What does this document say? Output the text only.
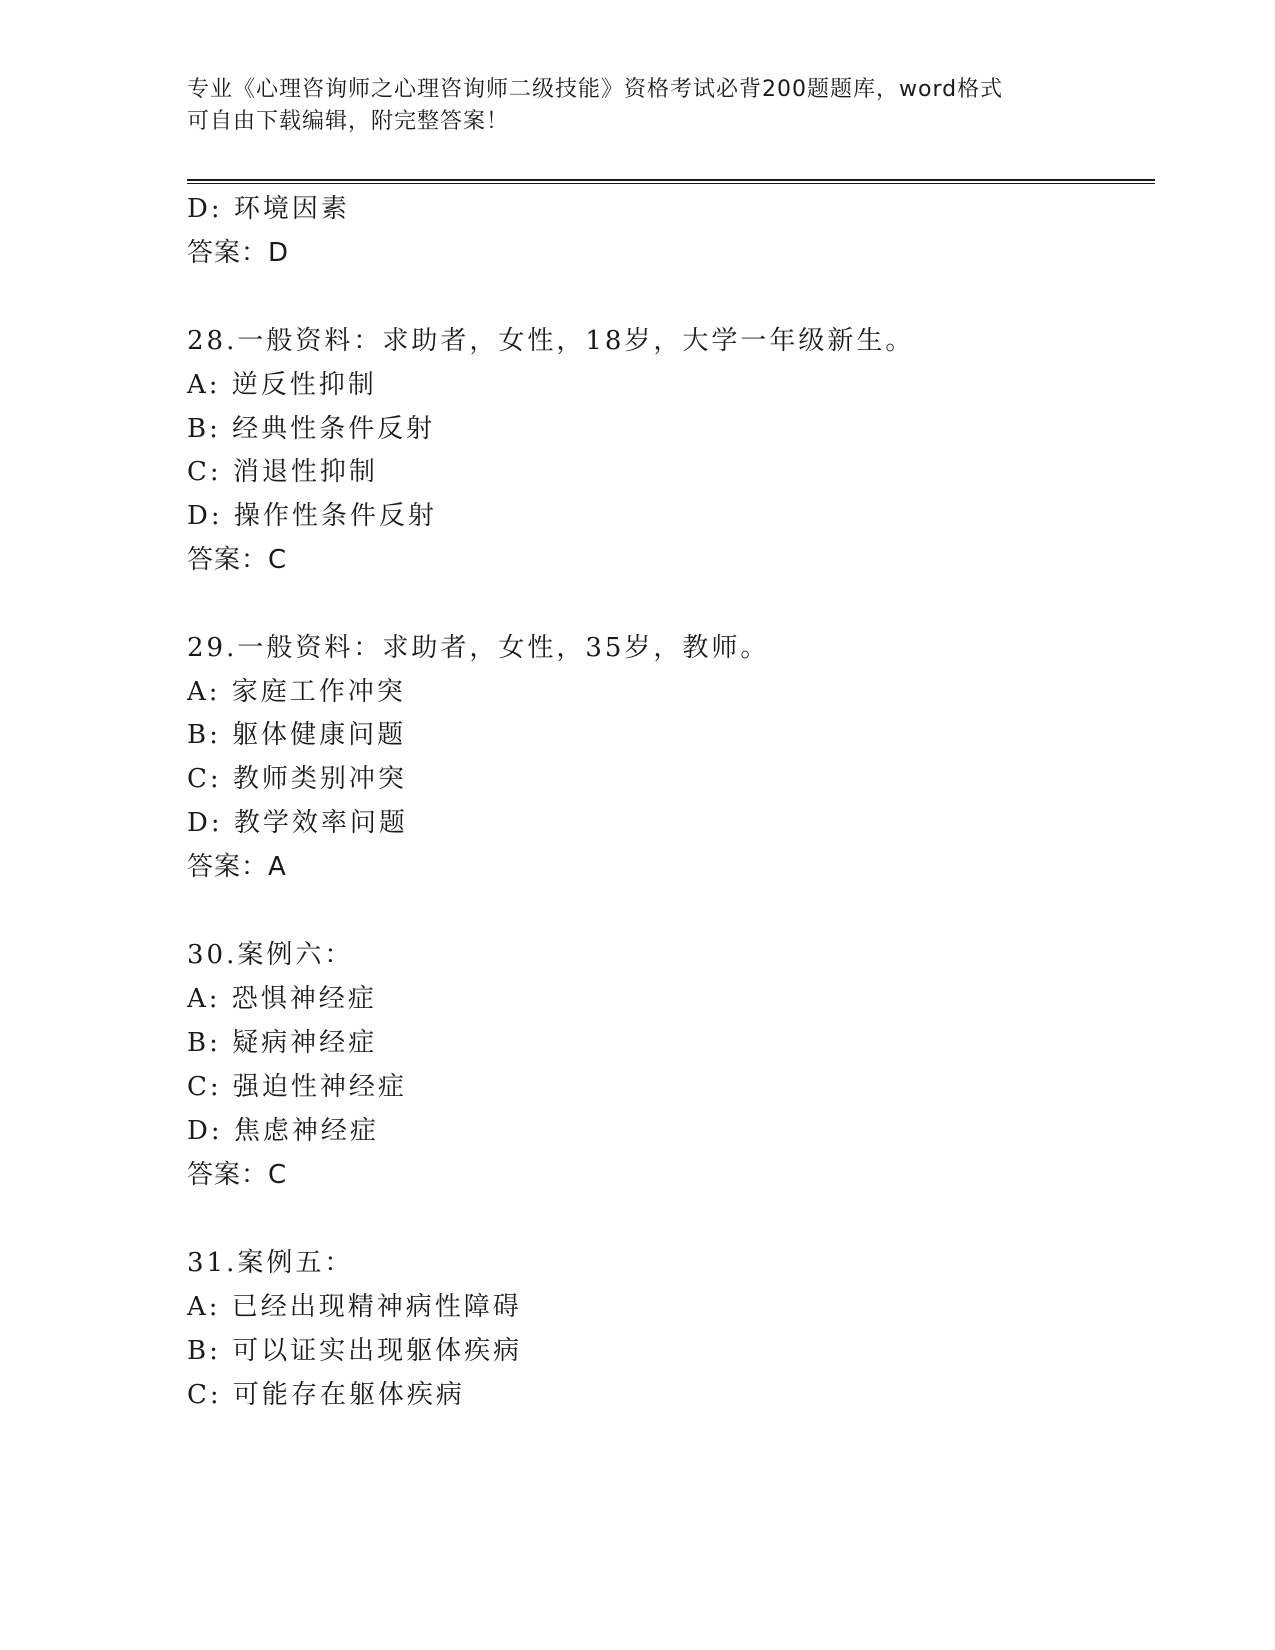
专业《心理咨询师之心理咨询师二级技能》资格考试必背200题题库，word格式
可自由下载编辑，附完整答案！
D: 环境因素
答案：D
28.一般资料：求助者，女性，18岁，大学一年级新生。
A: 逆反性抑制
B: 经典性条件反射
C: 消退性抑制
D: 操作性条件反射
答案：C
29.一般资料：求助者，女性，35岁，教师。
A: 家庭工作冲突
B: 躯体健康问题
C: 教师类别冲突
D: 教学效率问题
答案：A
30.案例六：
A: 恐惧神经症
B: 疑病神经症
C: 强迫性神经症
D: 焦虑神经症
答案：C
31.案例五：
A: 已经出现精神病性障碍
B: 可以证实出现躯体疾病
C: 可能存在躯体疾病
